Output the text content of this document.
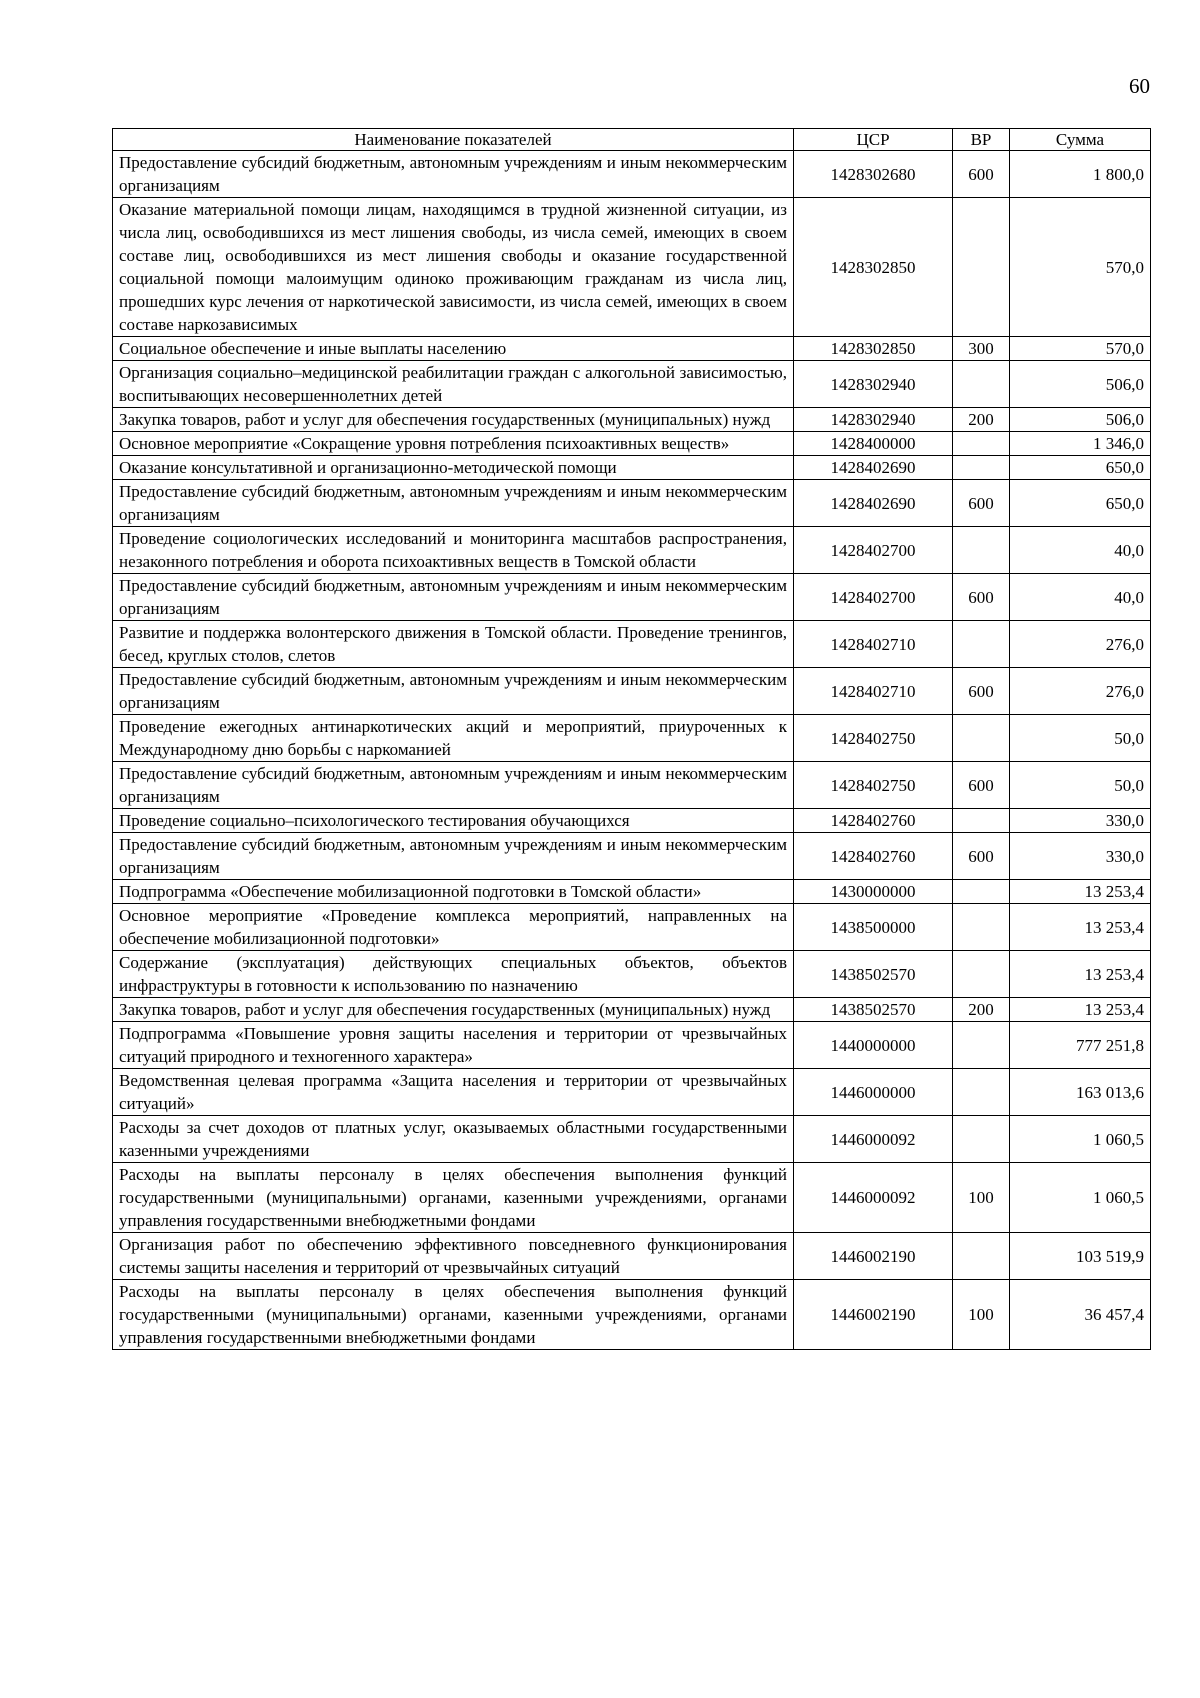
60
Наименование показателей	ЦСР	ВР	Сумма
Предоставление субсидий бюджетным, автономным учреждениям и иным некоммерческим организациям	1428302680	600	1 800,0
Оказание материальной помощи лицам, находящимся в трудной жизненной ситуации, из числа лиц, освободившихся из мест лишения свободы, из числа семей, имеющих в своем составе лиц, освободившихся из мест лишения свободы и оказание государственной социальной помощи малоимущим одиноко проживающим гражданам из числа лиц, прошедших курс лечения от наркотической зависимости, из числа семей, имеющих в своем составе наркозависимых	1428302850		570,0
Социальное обеспечение и иные выплаты населению	1428302850	300	570,0
Организация социально–медицинской реабилитации граждан с алкогольной зависимостью, воспитывающих несовершеннолетних детей	1428302940		506,0
Закупка товаров, работ и услуг для обеспечения государственных (муниципальных) нужд	1428302940	200	506,0
Основное мероприятие «Сокращение уровня потребления психоактивных веществ»	1428400000		1 346,0
Оказание консультативной и организационно-методической помощи	1428402690		650,0
Предоставление субсидий бюджетным, автономным учреждениям и иным некоммерческим организациям	1428402690	600	650,0
Проведение социологических исследований и мониторинга масштабов распространения, незаконного потребления и оборота психоактивных веществ в Томской области	1428402700		40,0
Предоставление субсидий бюджетным, автономным учреждениям и иным некоммерческим организациям	1428402700	600	40,0
Развитие и поддержка волонтерского движения в Томской области. Проведение тренингов, бесед, круглых столов, слетов	1428402710		276,0
Предоставление субсидий бюджетным, автономным учреждениям и иным некоммерческим организациям	1428402710	600	276,0
Проведение ежегодных антинаркотических акций и мероприятий, приуроченных к Международному дню борьбы с наркоманией	1428402750		50,0
Предоставление субсидий бюджетным, автономным учреждениям и иным некоммерческим организациям	1428402750	600	50,0
Проведение социально–психологического тестирования обучающихся	1428402760		330,0
Предоставление субсидий бюджетным, автономным учреждениям и иным некоммерческим организациям	1428402760	600	330,0
Подпрограмма «Обеспечение мобилизационной подготовки в Томской области»	1430000000		13 253,4
Основное мероприятие «Проведение комплекса мероприятий, направленных на обеспечение мобилизационной подготовки»	1438500000		13 253,4
Содержание (эксплуатация) действующих специальных объектов, объектов инфраструктуры в готовности к использованию по назначению	1438502570		13 253,4
Закупка товаров, работ и услуг для обеспечения государственных (муниципальных) нужд	1438502570	200	13 253,4
Подпрограмма «Повышение уровня защиты населения и территории от чрезвычайных ситуаций природного и техногенного характера»	1440000000		777 251,8
Ведомственная целевая программа «Защита населения и территории от чрезвычайных ситуаций»	1446000000		163 013,6
Расходы за счет доходов от платных услуг, оказываемых областными государственными казенными учреждениями	1446000092		1 060,5
Расходы на выплаты персоналу в целях обеспечения выполнения функций государственными (муниципальными) органами, казенными учреждениями, органами управления государственными внебюджетными фондами	1446000092	100	1 060,5
Организация работ по обеспечению эффективного повседневного функционирования системы защиты населения и территорий от чрезвычайных ситуаций	1446002190		103 519,9
Расходы на выплаты персоналу в целях обеспечения выполнения функций государственными (муниципальными) органами, казенными учреждениями, органами управления государственными внебюджетными фондами	1446002190	100	36 457,4
